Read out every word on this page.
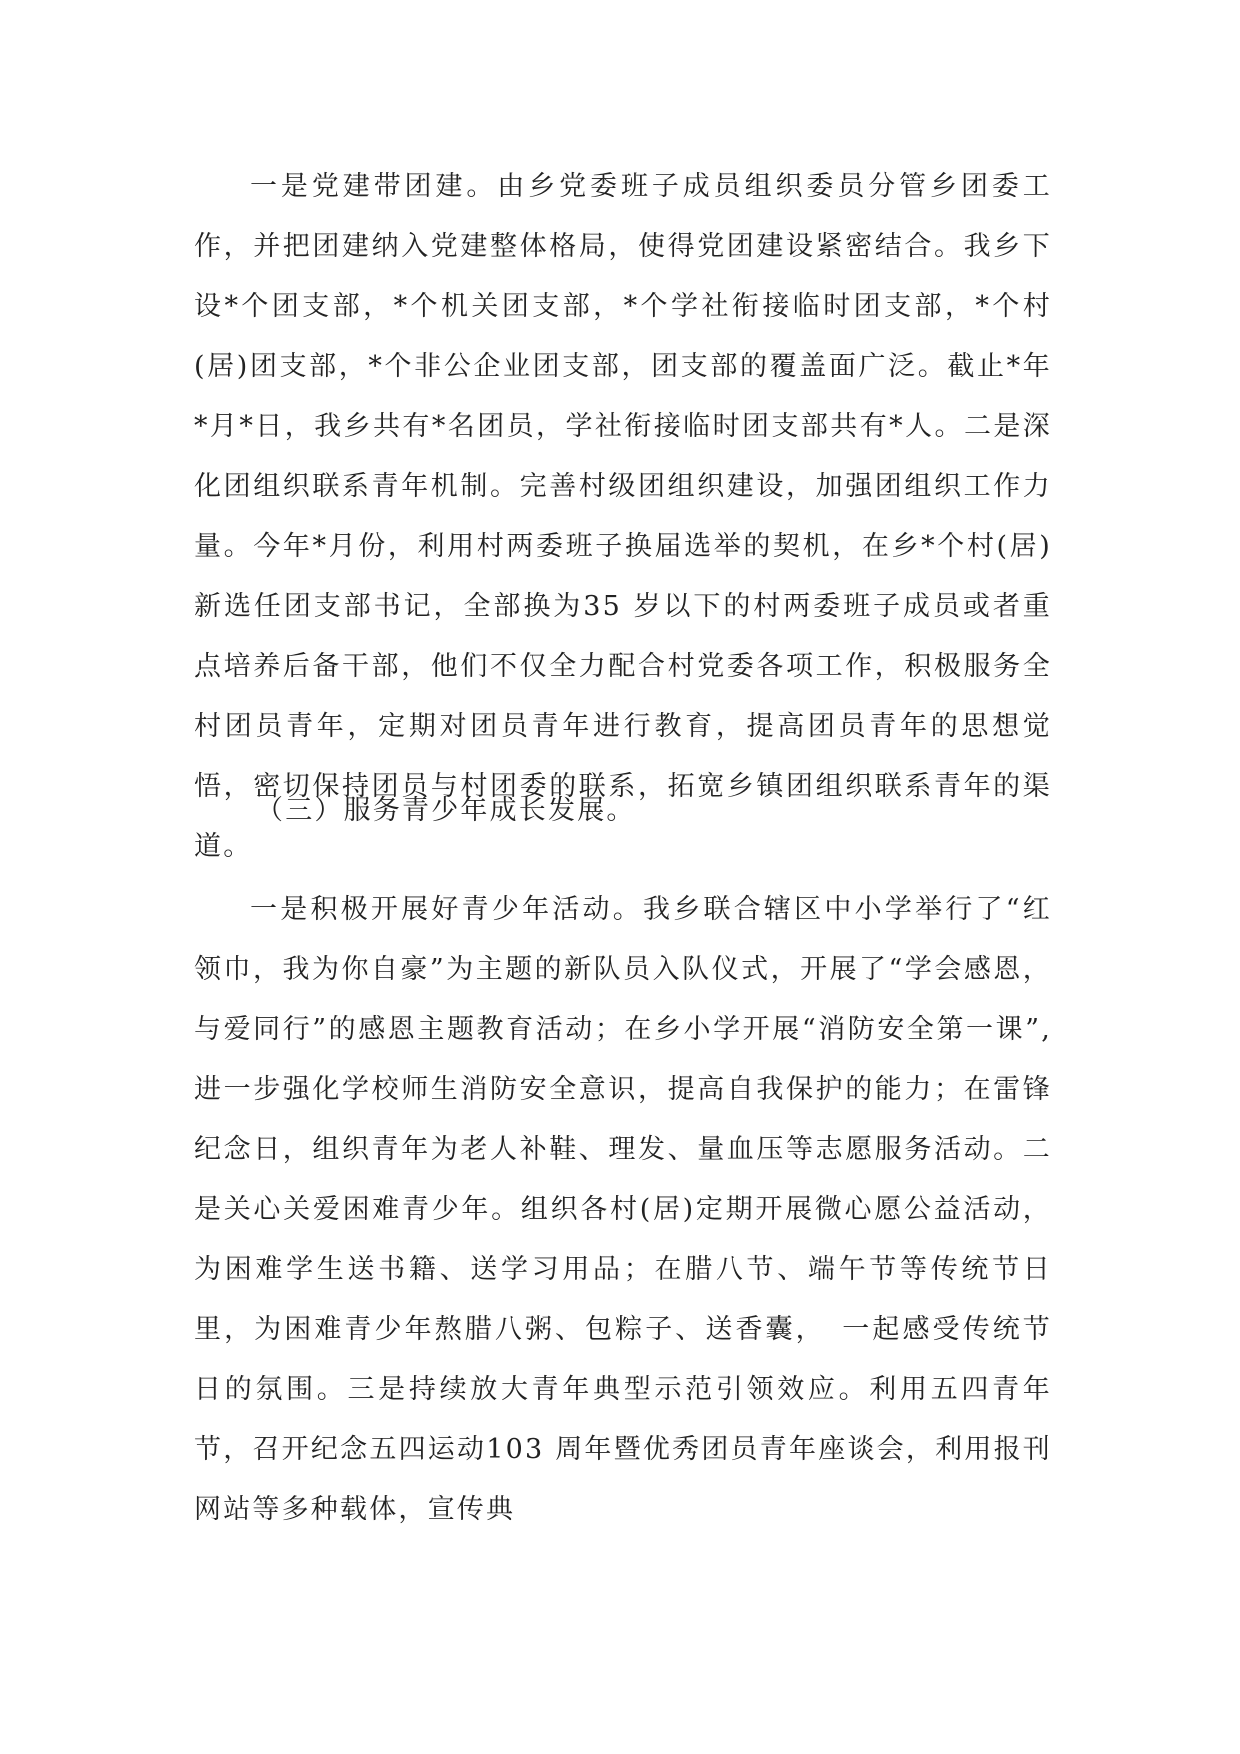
一是党建带团建。由乡党委班子成员组织委员分管乡团委工作，并把团建纳入党建整体格局，使得党团建设紧密结合。我乡下设*个团支部，*个机关团支部，*个学社衔接临时团支部，*个村(居)团支部，*个非公企业团支部，团支部的覆盖面广泛。截止*年*月*日，我乡共有*名团员，学社衔接临时团支部共有*人。二是深化团组织联系青年机制。完善村级团组织建设，加强团组织工作力量。今年*月份，利用村两委班子换届选举的契机，在乡*个村(居)新选任团支部书记，全部换为35 岁以下的村两委班子成员或者重点培养后备干部，他们不仅全力配合村党委各项工作，积极服务全村团员青年，定期对团员青年进行教育，提高团员青年的思想觉悟，密切保持团员与村团委的联系，拓宽乡镇团组织联系青年的渠道。

（三）服务青少年成长发展。

一是积极开展好青少年活动。我乡联合辖区中小学举行了“红领巾，我为你自豪”为主题的新队员入队仪式，开展了“学会感恩，与爱同行”的感恩主题教育活动；在乡小学开展“消防安全第一课”,进一步强化学校师生消防安全意识，提高自我保护的能力；在雷锋纪念日，组织青年为老人补鞋、理发、量血压等志愿服务活动。二是关心关爱困难青少年。组织各村(居)定期开展微心愿公益活动，为困难学生送书籍、送学习用品；在腊八节、端午节等传统节日里，为困难青少年熬腊八粥、包粽子、送香囊，　一起感受传统节日的氛围。三是持续放大青年典型示范引领效应。利用五四青年节，召开纪念五四运动103 周年暨优秀团员青年座谈会，利用报刊网站等多种载体，宣传典
